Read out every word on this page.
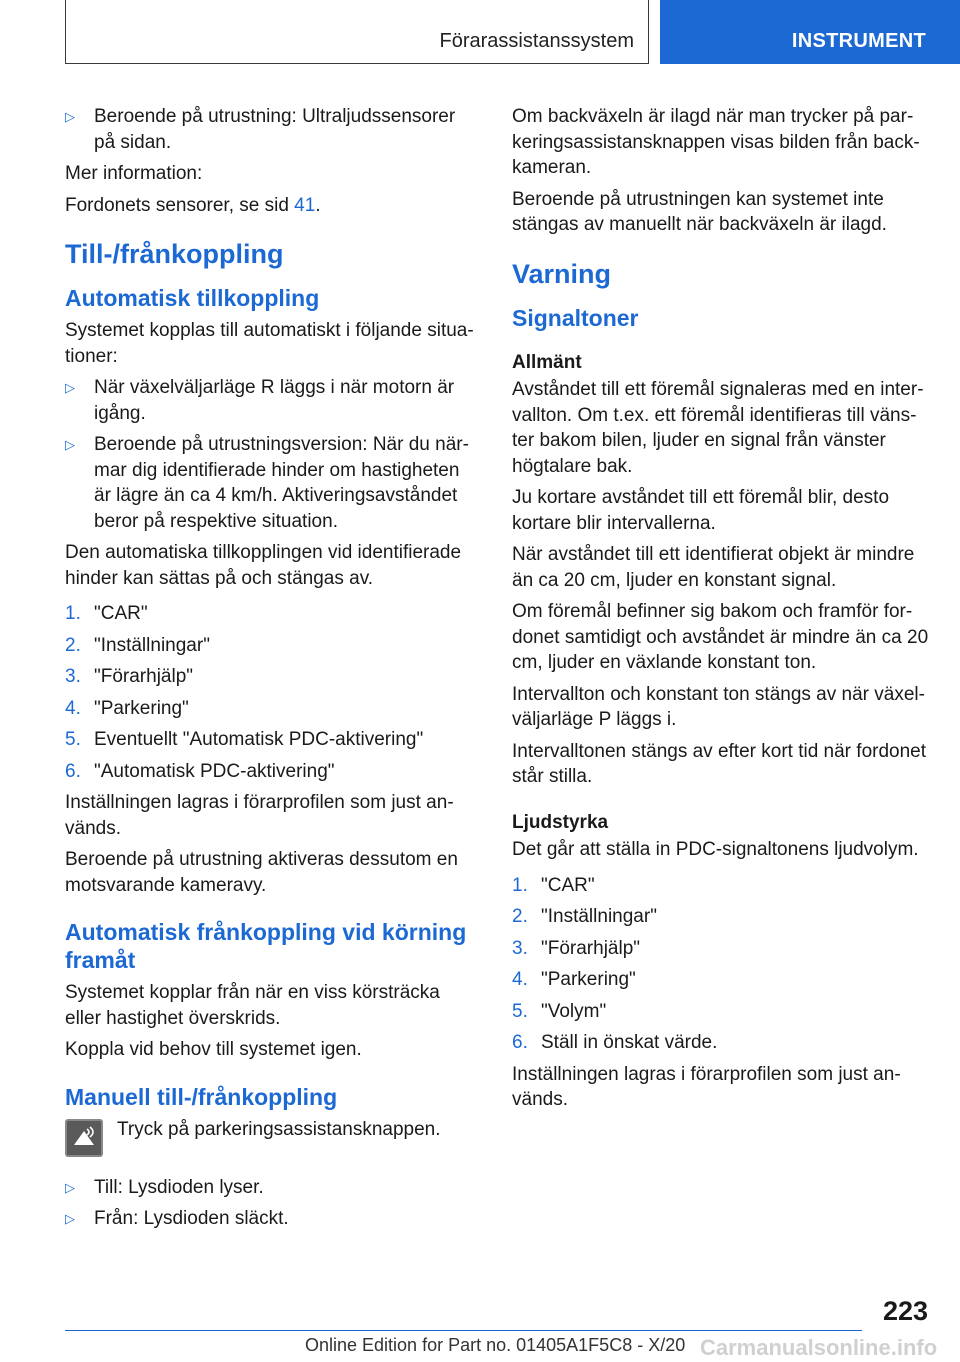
Förarassistanssystem	INSTRUMENT
▷ Beroende på utrustning: Ultraljudssensorer på sidan.

Mer information:

Fordonets sensorer, se sid 41.

Till-/frånkoppling
Automatisk tillkoppling

Systemet kopplas till automatiskt i följande situationer:

▷ När växelväljarläge R läggs i när motorn är igång.
▷ Beroende på utrustningsversion: När du närmar dig identifierade hinder om hastigheten är lägre än ca 4 km/h. Aktiveringsavståndet beror på respektive situation.

Den automatiska tillkopplingen vid identifierade hinder kan sättas på och stängas av.

1. "CAR"
2. "Inställningar"
3. "Förarhjälp"
4. "Parkering"
5. Eventuellt "Automatisk PDC-aktivering"
6. "Automatisk PDC-aktivering"

Inställningen lagras i förarprofilen som just används.

Beroende på utrustning aktiveras dessutom en motsvarande kameravy.

Automatisk frånkoppling vid körning framåt

Systemet kopplar från när en viss körsträcka eller hastighet överskrids.

Koppla vid behov till systemet igen.

Manuell till-/frånkoppling
Tryck på parkeringsassistansknappen.
▷ Till: Lysdioden lyser.
▷ Från: Lysdioden släckt.

Om backväxeln är ilagd när man trycker på parkeringsassistansknappen visas bilden från backkameran.

Beroende på utrustningen kan systemet inte stängas av manuellt när backväxeln är ilagd.

Varning
Signaltoner
Allmänt

Avståndet till ett föremål signaleras med en intervallton. Om t.ex. ett föremål identifieras till vänster bakom bilen, ljuder en signal från vänster högtalare bak.

Ju kortare avståndet till ett föremål blir, desto kortare blir intervallerna.

När avståndet till ett identifierat objekt är mindre än ca 20 cm, ljuder en konstant signal.

Om föremål befinner sig bakom och framför fordonet samtidigt och avståndet är mindre än ca 20 cm, ljuder en växlande konstant ton.

Intervallton och konstant ton stängs av när växelväljarläge P läggs i.

Intervalltonen stängs av efter kort tid när fordonet står stilla.

Ljudstyrka

Det går att ställa in PDC-signaltonens ljudvolym.

1. "CAR"
2. "Inställningar"
3. "Förarhjälp"
4. "Parkering"
5. "Volym"
6. Ställ in önskat värde.

Inställningen lagras i förarprofilen som just används.

223
Online Edition for Part no. 01405A1F5C8 - X/20 Carmanualsonline.info
